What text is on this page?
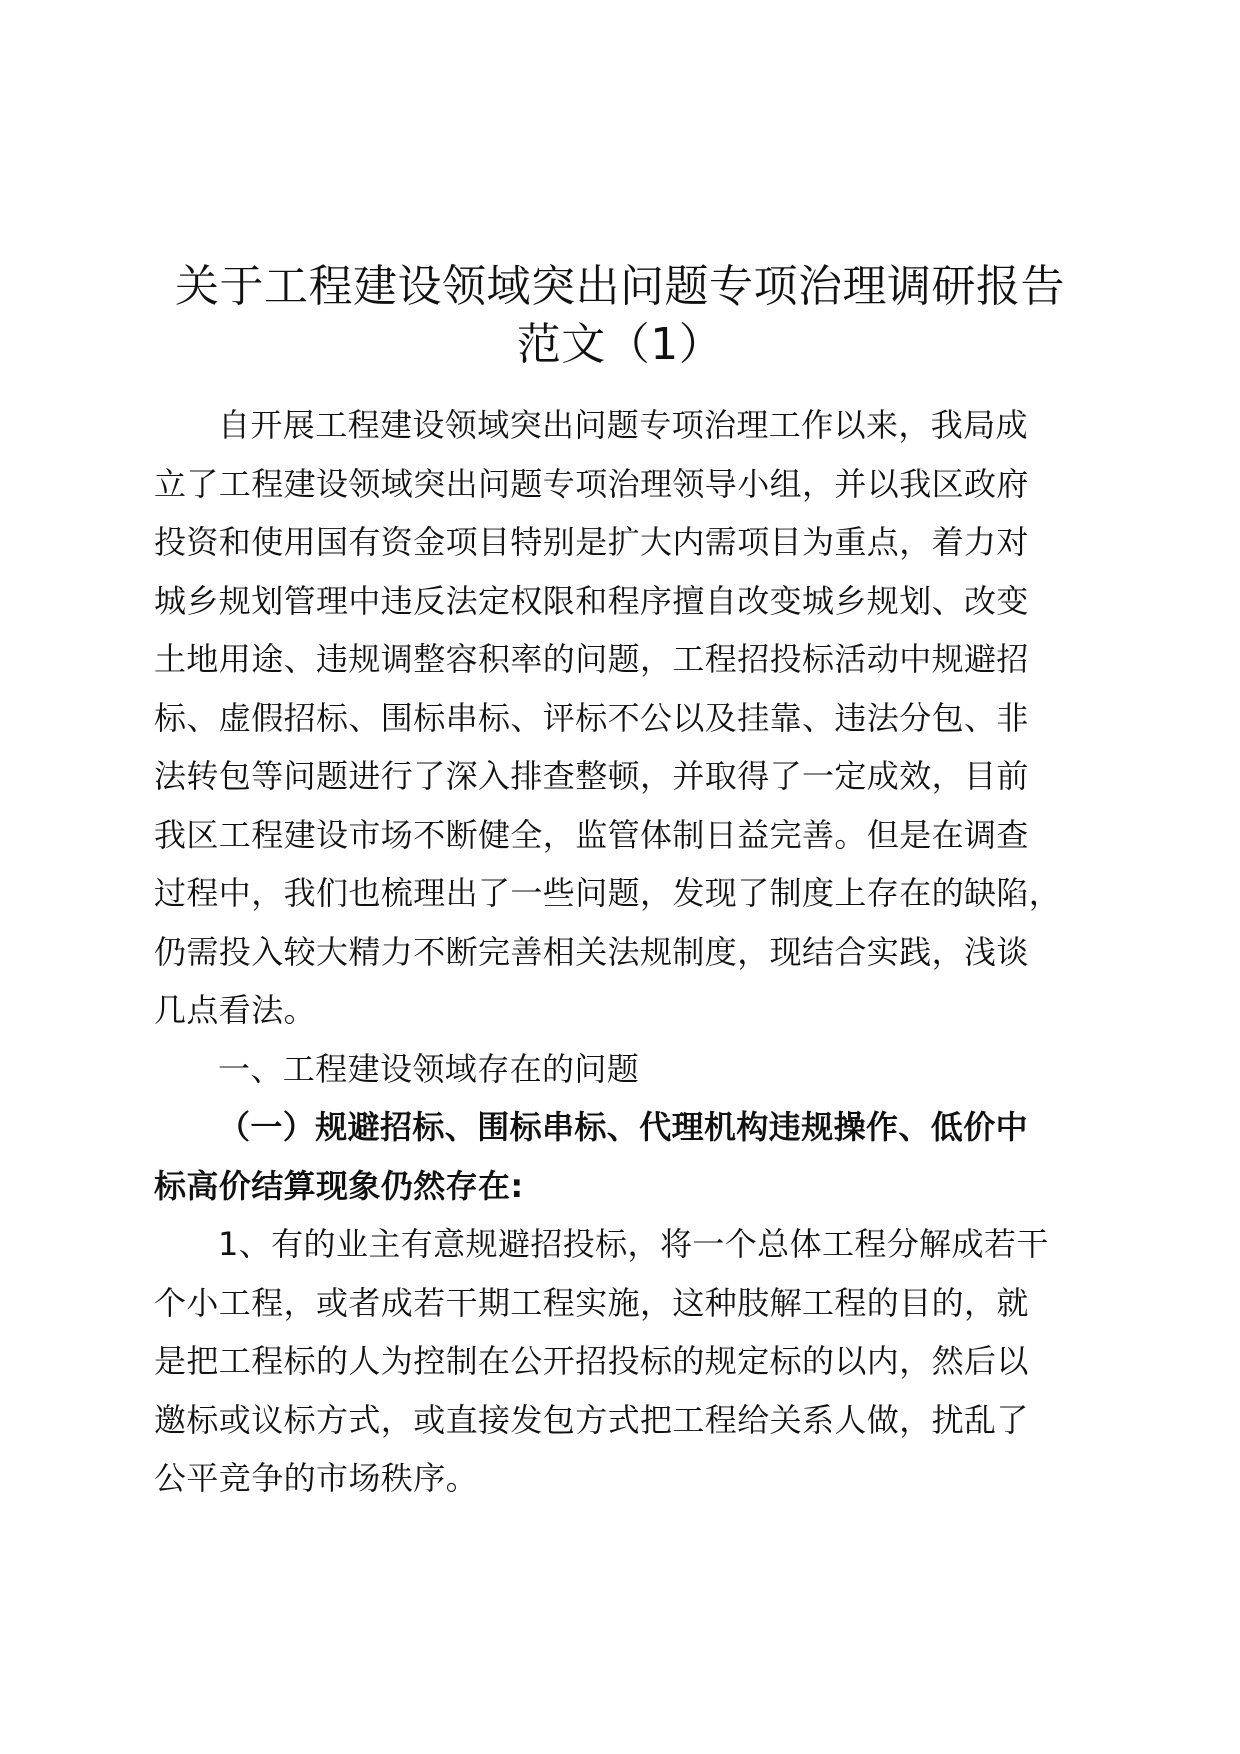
关于工程建设领域突出问题专项治理调研报告
范文（1）
自开展工程建设领域突出问题专项治理工作以来，我局成
立了工程建设领域突出问题专项治理领导小组，并以我区政府
投资和使用国有资金项目特别是扩大内需项目为重点，着力对
城乡规划管理中违反法定权限和程序擅自改变城乡规划、改变
土地用途、违规调整容积率的问题，工程招投标活动中规避招
标、虚假招标、围标串标、评标不公以及挂靠、违法分包、非
法转包等问题进行了深入排查整顿，并取得了一定成效，目前
我区工程建设市场不断健全，监管体制日益完善。但是在调查
过程中，我们也梳理出了一些问题，发现了制度上存在的缺陷，
仍需投入较大精力不断完善相关法规制度，现结合实践，浅谈
几点看法。
一、工程建设领域存在的问题
（一）规避招标、围标串标、代理机构违规操作、低价中
标高价结算现象仍然存在:
1、有的业主有意规避招投标，将一个总体工程分解成若干
个小工程，或者成若干期工程实施，这种肢解工程的目的，就
是把工程标的人为控制在公开招投标的规定标的以内，然后以
邀标或议标方式，或直接发包方式把工程给关系人做，扰乱了
公平竞争的市场秩序。
